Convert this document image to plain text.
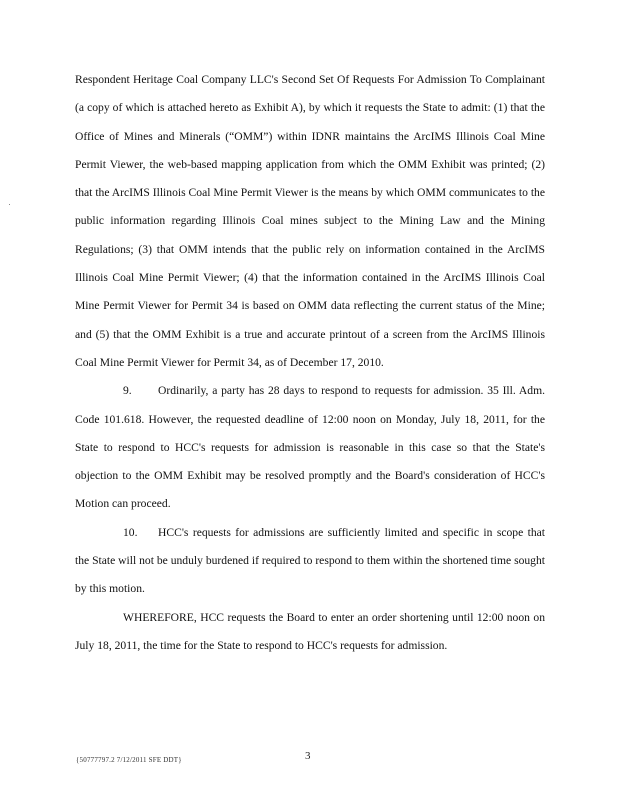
Respondent Heritage Coal Company LLC's Second Set Of Requests For Admission To Complainant (a copy of which is attached hereto as Exhibit A), by which it requests the State to admit: (1) that the Office of Mines and Minerals (“OMM”) within IDNR maintains the ArcIMS Illinois Coal Mine Permit Viewer, the web-based mapping application from which the OMM Exhibit was printed; (2) that the ArcIMS Illinois Coal Mine Permit Viewer is the means by which OMM communicates to the public information regarding Illinois Coal mines subject to the Mining Law and the Mining Regulations; (3) that OMM intends that the public rely on information contained in the ArcIMS Illinois Coal Mine Permit Viewer; (4) that the information contained in the ArcIMS Illinois Coal Mine Permit Viewer for Permit 34 is based on OMM data reflecting the current status of the Mine; and (5) that the OMM Exhibit is a true and accurate printout of a screen from the ArcIMS Illinois Coal Mine Permit Viewer for Permit 34, as of December 17, 2010.

9. Ordinarily, a party has 28 days to respond to requests for admission. 35 Ill. Adm. Code 101.618. However, the requested deadline of 12:00 noon on Monday, July 18, 2011, for the State to respond to HCC's requests for admission is reasonable in this case so that the State's objection to the OMM Exhibit may be resolved promptly and the Board's consideration of HCC's Motion can proceed.

10. HCC's requests for admissions are sufficiently limited and specific in scope that the State will not be unduly burdened if required to respond to them within the shortened time sought by this motion.

WHEREFORE, HCC requests the Board to enter an order shortening until 12:00 noon on July 18, 2011, the time for the State to respond to HCC's requests for admission.

{50777797.2 7/12/2011 SFE DDT}	3
